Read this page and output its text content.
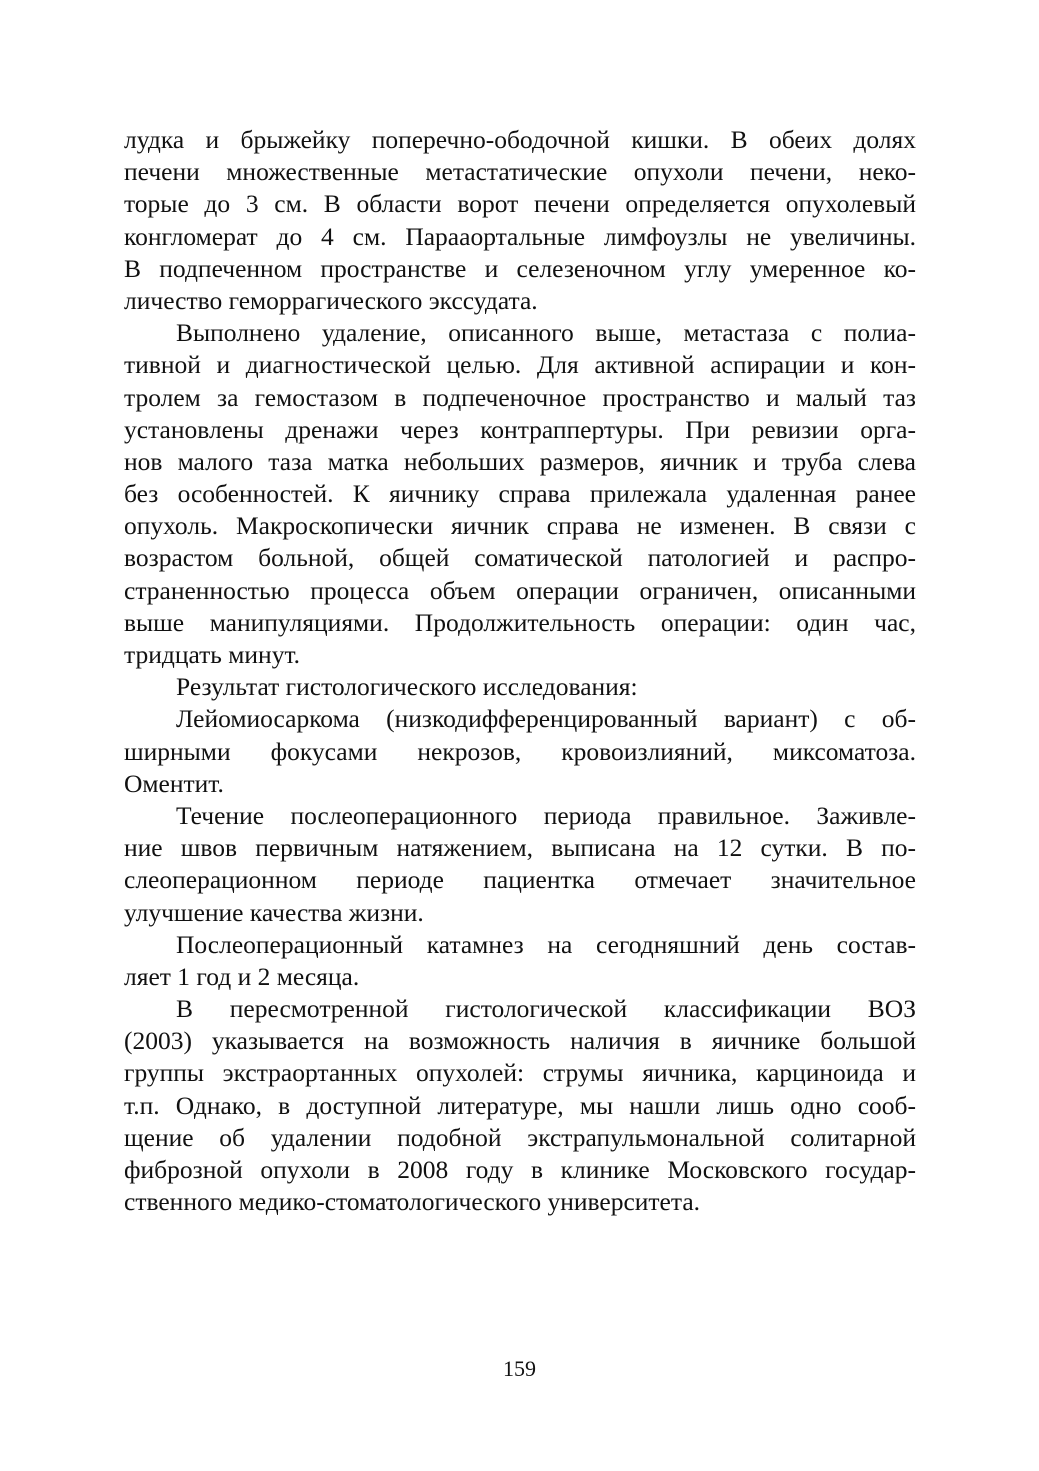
лудка и брыжейку поперечно-ободочной кишки. В обеих долях
печени множественные метастатические опухоли печени, неко-
торые до 3 см. В области ворот печени определяется опухолевый
конгломерат до 4 см. Парааортальные лимфоузлы не увеличины.
В подпеченном пространстве и селезеночном углу умеренное ко-
личество геморрагического экссудата.

Выполнено удаление, описанного выше, метастаза с полиа-
тивной и диагностической целью. Для активной аспирации и кон-
тролем за гемостазом в подпеченочное пространство и малый таз
установлены дренажи через контраппертуры. При ревизии орга-
нов малого таза матка небольших размеров, яичник и труба слева
без особенностей. К яичнику справа прилежала удаленная ранее
опухоль. Макроскопически яичник справа не изменен. В связи с
возрастом больной, общей соматической патологией и распро-
страненностью процесса объем операции ограничен, описанными
выше манипуляциями. Продолжительность операции: один час,
тридцать минут.

Результат гистологического исследования:

Лейомиосаркома (низкодифференцированный вариант) с об-
ширными фокусами некрозов, кровоизлияний, миксоматоза.
Оментит.

Течение послеоперационного периода правильное. Заживле-
ние швов первичным натяжением, выписана на 12 сутки. В по-
слеоперационном периоде пациентка отмечает значительное
улучшение качества жизни.

Послеоперационный катамнез на сегодняшний день состав-
ляет 1 год и 2 месяца.

В пересмотренной гистологической классификации ВОЗ
(2003) указывается на возможность наличия в яичнике большой
группы экстраортанных опухолей: струмы яичника, карциноида и
т.п. Однако, в доступной литературе, мы нашли лишь одно сооб-
щение об удалении подобной экстрапульмональной солитарной
фиброзной опухоли в 2008 году в клинике Московского государ-
ственного медико-стоматологического университета.

159
